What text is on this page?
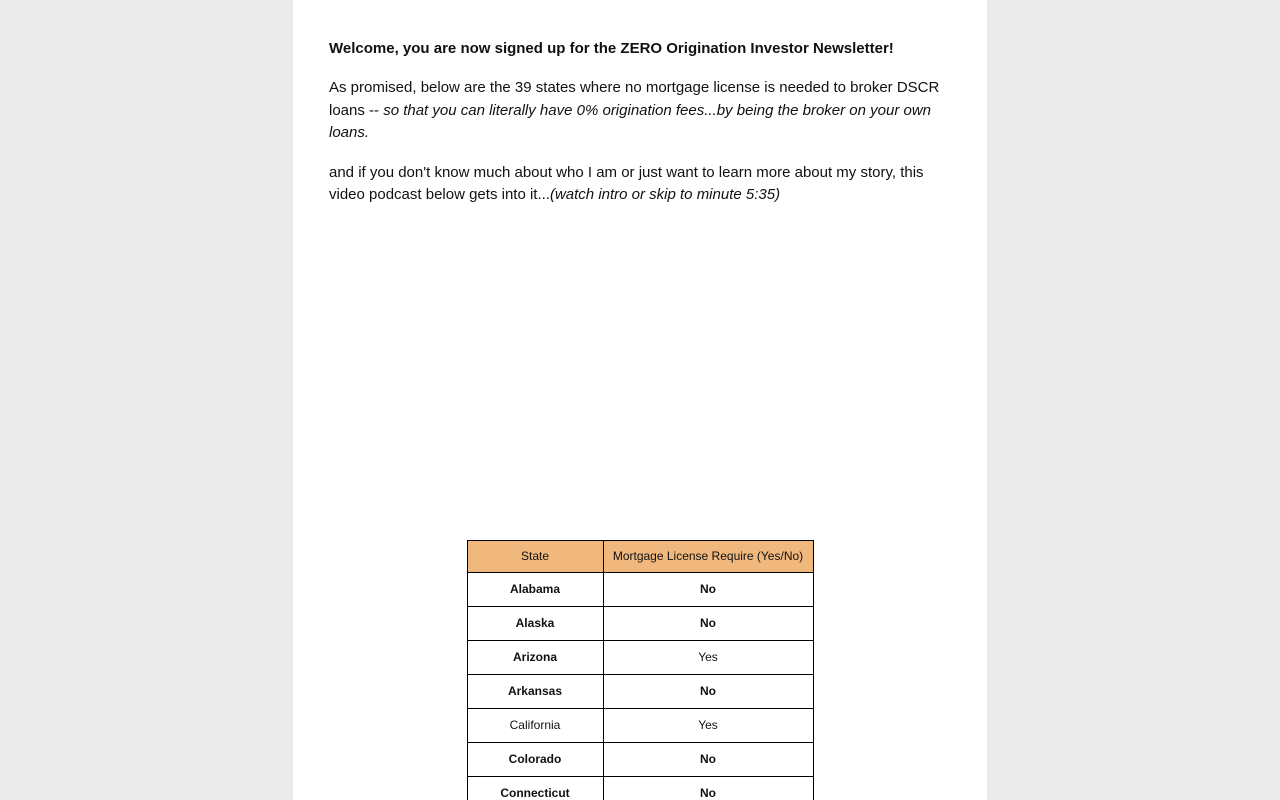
Welcome, you are now signed up for the ZERO Origination Investor Newsletter!

As promised, below are the 39 states where no mortgage license is needed to broker DSCR loans -- so that you can literally have 0% origination fees...by being the broker on your own loans.

and if you don't know much about who I am or just want to learn more about my story, this video podcast below gets into it...(watch intro or skip to minute 5:35)

State	Mortgage License Require (Yes/No)
Alabama	No
Alaska	No
Arizona	Yes
Arkansas	No
California	Yes
Colorado	No
Connecticut	No
